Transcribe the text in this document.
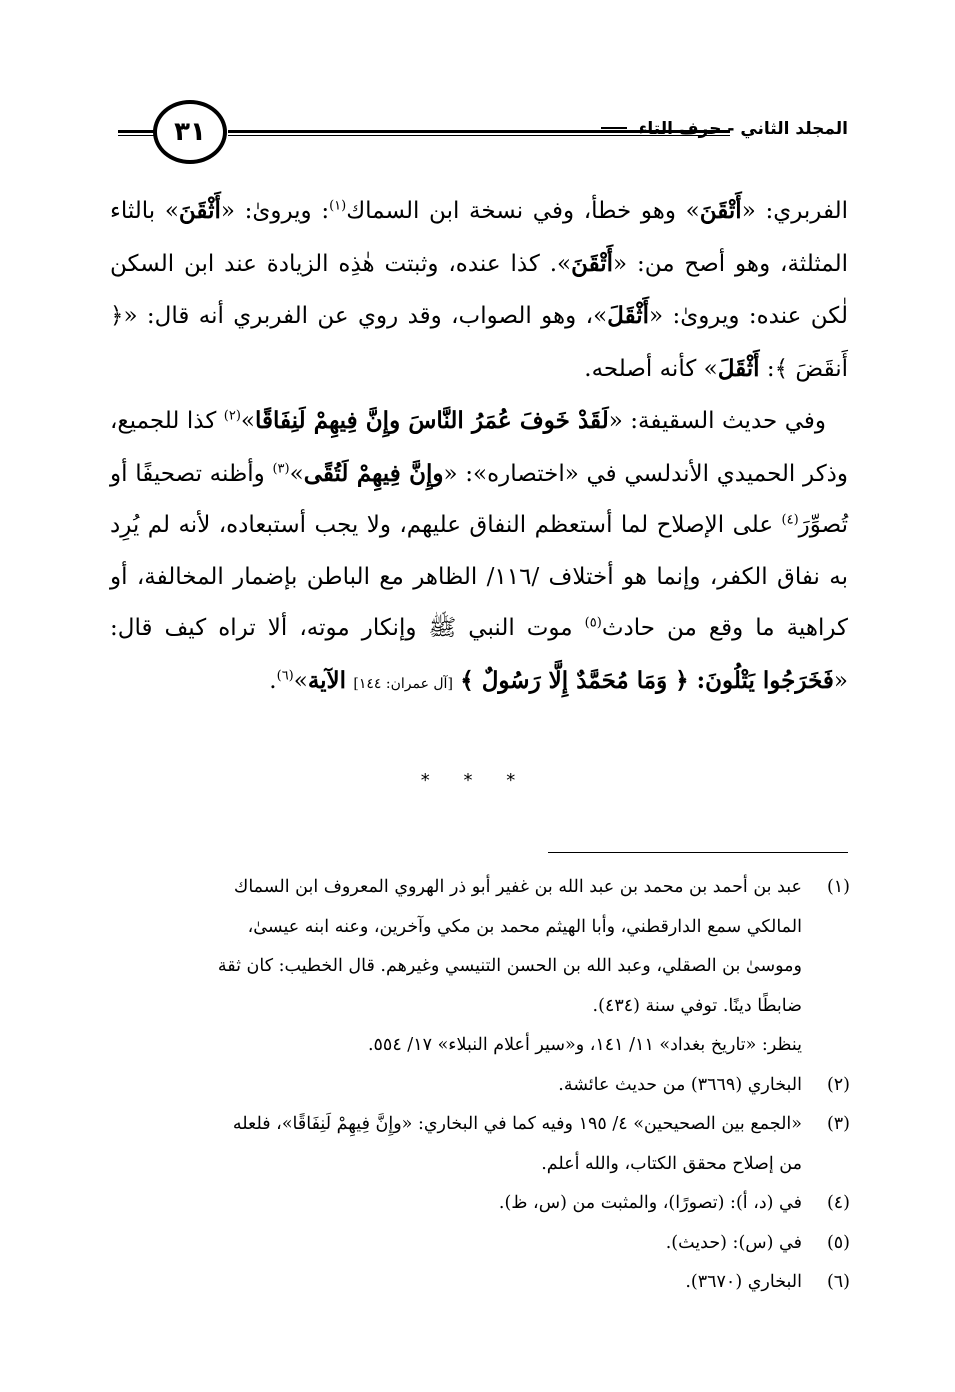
٣١	المجلد الثاني - حرف التاء

الفربري: «أَتْقَنَ» وهو خطأ، وفي نسخة ابن السماك$^{(١)}$: ويروىٰ: «أَثْقَنَ» بالثاء المثلثة، وهو أصح من: «أَتْقَنَ». كذا عنده، وثبتت هٰذِه الزيادة عند ابن السكن لٰكن عنده: ويروىٰ: «أَثْقَلَ»، وهو الصواب، وقد روي عن الفربري أنه قال: «﴿ أَنقَضَ ﴾: أَثْقَلَ» كأنه أصلحه.

وفي حديث السقيفة: «لَقَدْ خَوفَ عُمَرُ النَّاسَ وإِنَّ فِيهِمْ لَنِفَاقًا»$^{(٢)}$ كذا للجميع، وذكر الحميدي الأندلسي في «اختصاره»: «وإِنَّ فِيهِمْ لَتُقًى»$^{(٣)}$ وأظنه تصحيفًا أو تُصوِّرَ$^{(٤)}$ على الإصلاح لما أستعظم النفاق عليهم، ولا يجب أستبعاده، لأنه لم يُرِد به نفاق الكفر، وإنما هو أختلاف /١١٦/ الظاهر مع الباطن بإضمار المخالفة، أو كراهية ما وقع من حادث$^{(٥)}$ موت النبي ﷺ وإنكار موته، ألا تراه كيف قال: «فَخَرَجُوا يَتْلُونَ: ﴿ وَمَا مُحَمَّدٌ إِلَّا رَسُولٌ ﴾ [آل عمران: ١٤٤] الآية»$^{(٦)}$.

* * *
(١)
عبد بن أحمد بن محمد بن عبد الله بن غفير أبو ذر الهروي المعروف ابن السماك
المالكي سمع الدارقطني، وأبا الهيثم محمد بن مكي وآخرين، وعنه ابنه عيسىٰ،
وموسىٰ بن الصقلي، وعبد الله بن الحسن التنيسي وغيرهم. قال الخطيب: كان ثقة
ضابطًا دينًا. توفي سنة (٤٣٤).
ينظر: «تاريخ بغداد» ١١/ ١٤١، و«سير أعلام النبلاء» ١٧/ ٥٥٤.
(٢)
البخاري (٣٦٦٩) من حديث عائشة.
(٣)
«الجمع بين الصحيحين» ٤/ ١٩٥ وفيه كما في البخاري: «وإِنَّ فِيهِمْ لَنِفَاقًا»، فلعله
من إصلاح محقق الكتاب، والله أعلم.
(٤)
في (د، أ): (تصورًا)، والمثبت من (س، ظ).
(٥)
في (س): (حديث).
(٦)
البخاري (٣٦٧٠).
